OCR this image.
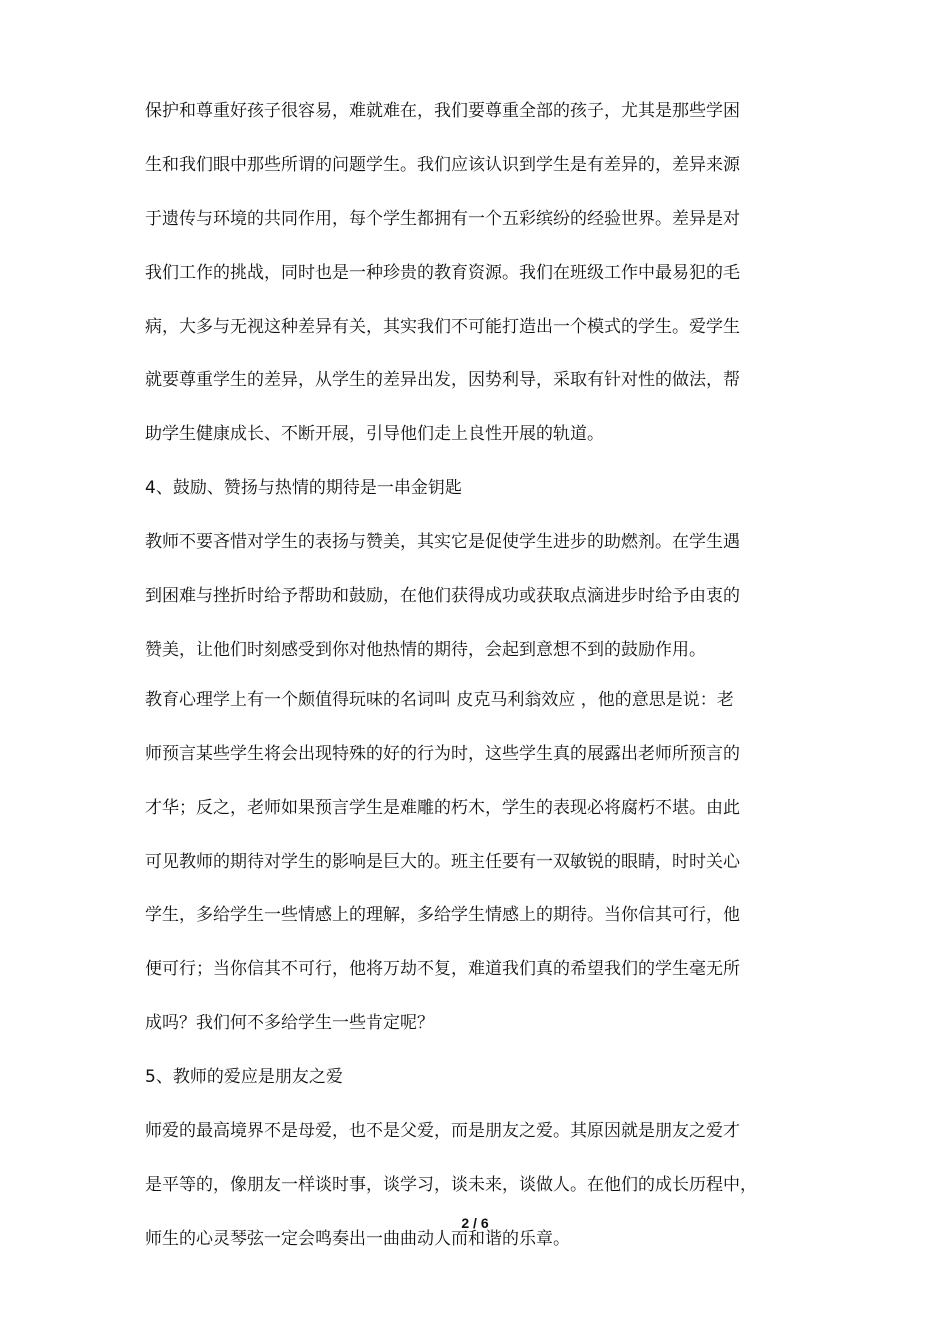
保护和尊重好孩子很容易，难就难在，我们要尊重全部的孩子，尤其是那些学困
生和我们眼中那些所谓的问题学生。我们应该认识到学生是有差异的，差异来源
于遗传与环境的共同作用，每个学生都拥有一个五彩缤纷的经验世界。差异是对
我们工作的挑战，同时也是一种珍贵的教育资源。我们在班级工作中最易犯的毛
病，大多与无视这种差异有关，其实我们不可能打造出一个模式的学生。爱学生
就要尊重学生的差异，从学生的差异出发，因势利导，采取有针对性的做法，帮
助学生健康成长、不断开展，引导他们走上良性开展的轨道。
4、鼓励、赞扬与热情的期待是一串金钥匙
教师不要吝惜对学生的表扬与赞美，其实它是促使学生进步的助燃剂。在学生遇
到困难与挫折时给予帮助和鼓励，在他们获得成功或获取点滴进步时给予由衷的
赞美，让他们时刻感受到你对他热情的期待，会起到意想不到的鼓励作用。
教育心理学上有一个颇值得玩味的名词叫 皮克马利翁效应 ，他的意思是说：老
师预言某些学生将会出现特殊的好的行为时，这些学生真的展露出老师所预言的
才华；反之，老师如果预言学生是难雕的朽木，学生的表现必将腐朽不堪。由此
可见教师的期待对学生的影响是巨大的。班主任要有一双敏锐的眼睛，时时关心
学生，多给学生一些情感上的理解，多给学生情感上的期待。当你信其可行，他
便可行；当你信其不可行，他将万劫不复，难道我们真的希望我们的学生毫无所
成吗？我们何不多给学生一些肯定呢？
5、教师的爱应是朋友之爱
师爱的最高境界不是母爱，也不是父爱，而是朋友之爱。其原因就是朋友之爱才
是平等的，像朋友一样谈时事，谈学习，谈未来，谈做人。在他们的成长历程中，
师生的心灵琴弦一定会鸣奏出一曲曲动人而和谐的乐章。
2 / 6
